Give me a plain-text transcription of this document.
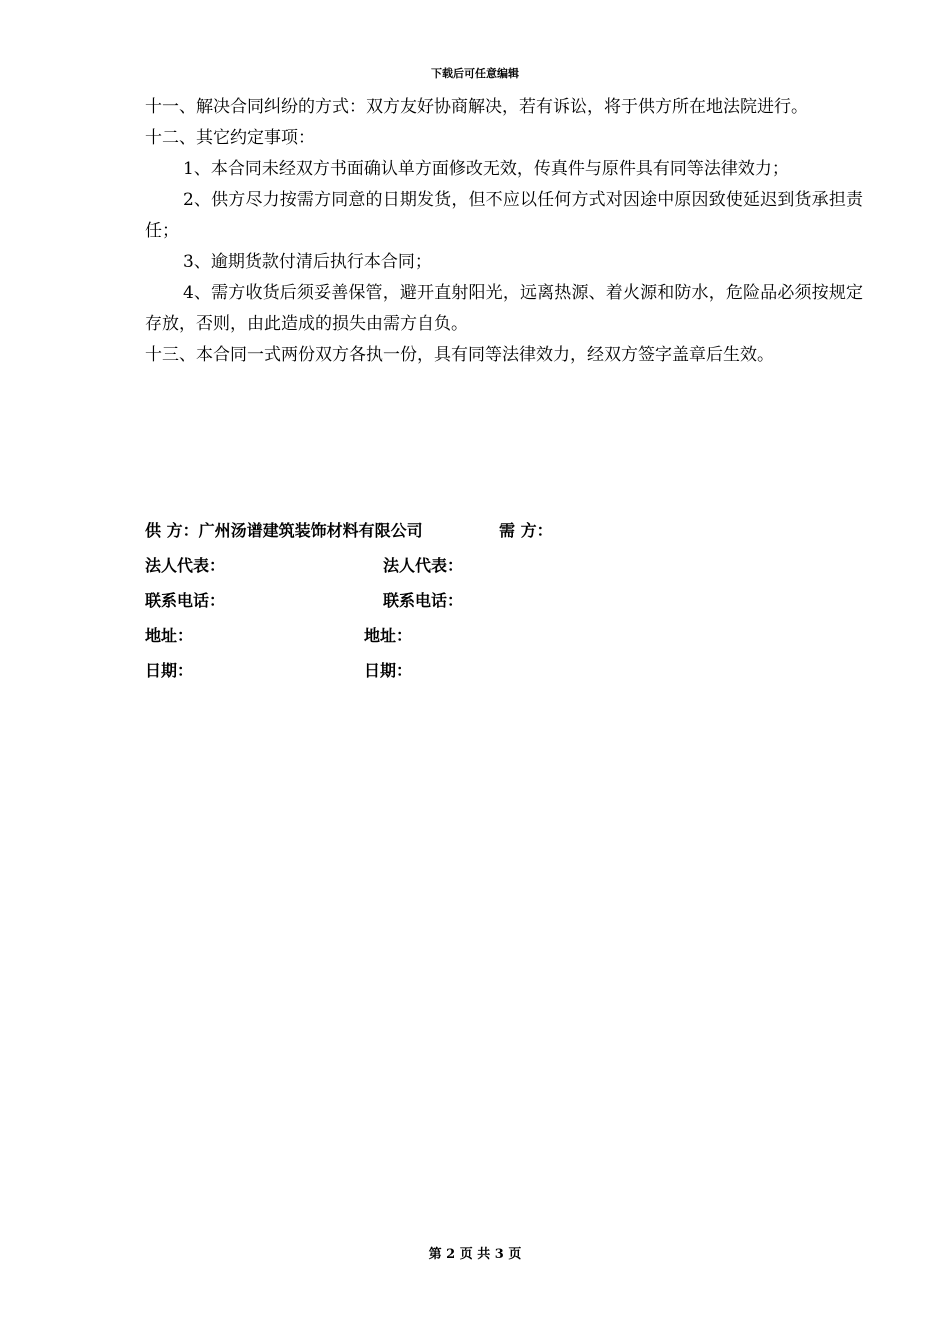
下载后可任意编辑

十一、解决合同纠纷的方式：双方友好协商解决，若有诉讼，将于供方所在地法院进行。

十二、其它约定事项：

1、本合同未经双方书面确认单方面修改无效，传真件与原件具有同等法律效力；

2、供方尽力按需方同意的日期发货，但不应以任何方式对因途中原因致使延迟到货承担责任；

3、逾期货款付清后执行本合同；

4、需方收货后须妥善保管，避开直射阳光，远离热源、着火源和防水，危险品必须按规定存放，否则，由此造成的损失由需方自负。

十三、本合同一式两份双方各执一份，具有同等法律效力，经双方签字盖章后生效。

供 方：广州汤谱建筑装饰材料有限公司	需 方：
法人代表：	法人代表：
联系电话：	联系电话：
地址：	地址：
日期：	日期：
第 2 页 共 3 页
